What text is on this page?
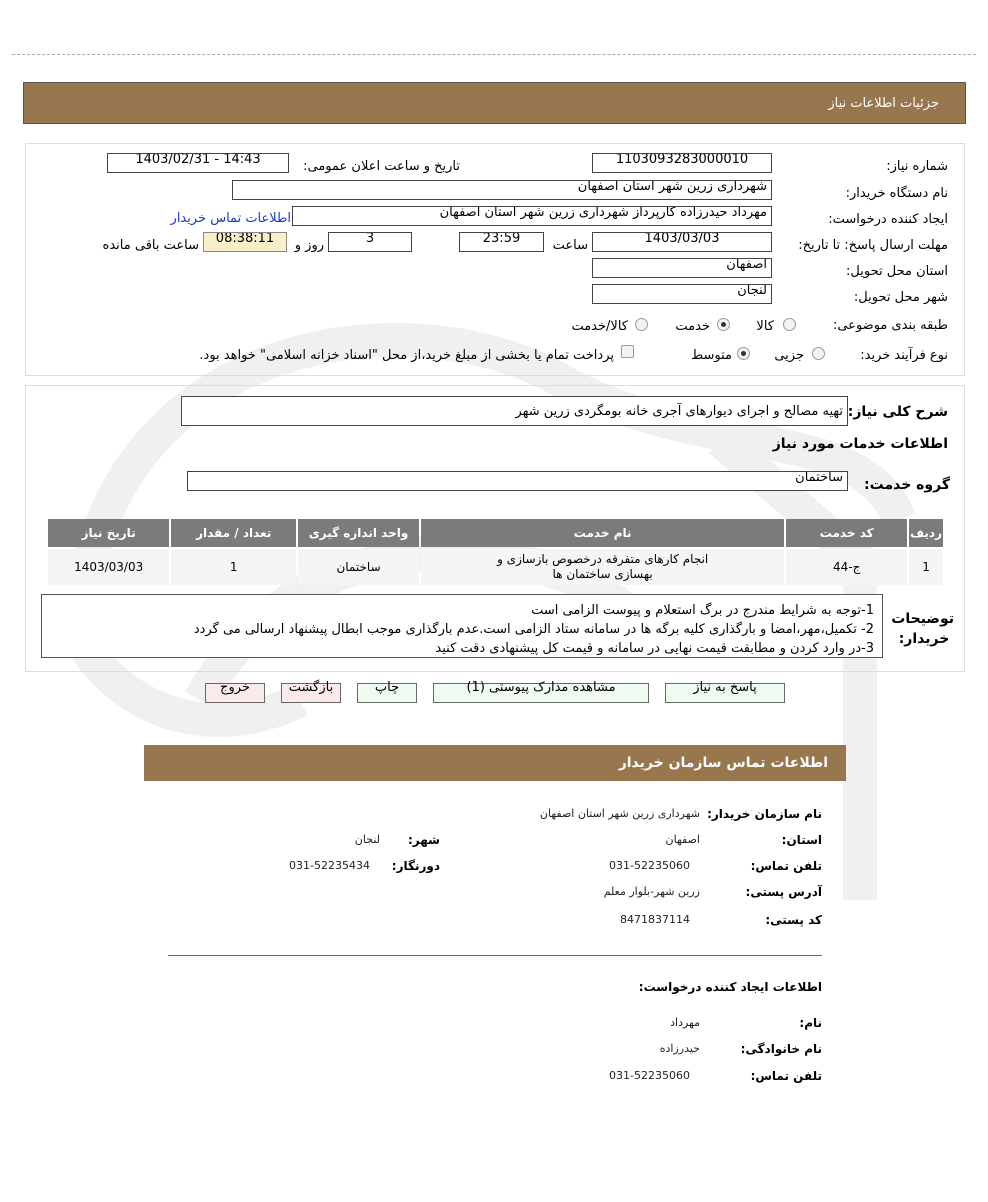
جزئیات اطلاعات نیاز
شماره نیاز:
1103093283000010
تاریخ و ساعت اعلان عمومی:
1403/02/31 - 14:43
نام دستگاه خریدار:
شهرداری زرین شهر استان اصفهان
ایجاد کننده درخواست:
مهرداد حیدرزاده کارپرداز شهرداری زرین شهر استان اصفهان
اطلاعات تماس خریدار
مهلت ارسال پاسخ: تا تاریخ:
1403/03/03
ساعت
23:59
3
روز و
08:38:11
ساعت باقی مانده
استان محل تحویل:
اصفهان
شهر محل تحویل:
لنجان
طبقه بندی موضوعی:
کالا
خدمت
کالا/خدمت
نوع فرآیند خرید:
جزیی
متوسط
پرداخت تمام یا بخشی از مبلغ خرید،از محل "اسناد خزانه اسلامی" خواهد بود.
شرح کلی نیاز:
تهیه مصالح و اجرای دیوارهای آجری خانه بومگردی زرین شهر
اطلاعات خدمات مورد نیاز
گروه خدمت:
ساختمان
ردیف	کد خدمت	نام خدمت	واحد اندازه گیری	تعداد / مقدار	تاریخ نیاز
1	ج-44	انجام کارهای متفرقه درخصوص بازسازی و بهسازی ساختمان ها	ساختمان	1	1403/03/03
توضیحات خریدار:
1-توجه به شرایط مندرج در برگ استعلام و پیوست الزامی است
2- تکمیل،مهر،امضا و بارگذاری کلیه برگه ها در سامانه ستاد الزامی است.عدم بارگذاری موجب ابطال پیشنهاد ارسالی می گردد
3-در وارد کردن و مطابقت قیمت نهایی در سامانه و قیمت کل پیشنهادی دقت کنید
پاسخ به نیاز
مشاهده مدارک پیوستی (1)
چاپ
بازگشت
خروج
اطلاعات تماس سازمان خریدار
نام سازمان خریدار:
شهرداری زرین شهر استان اصفهان
استان:
اصفهان
شهر:
لنجان
تلفن تماس:
031-52235060
دورنگار:
031-52235434
آدرس پستی:
زرین شهر-بلوار معلم
کد پستی:
8471837114
اطلاعات ایجاد کننده درخواست:
نام:
مهرداد
نام خانوادگی:
حیدرزاده
تلفن تماس:
031-52235060
